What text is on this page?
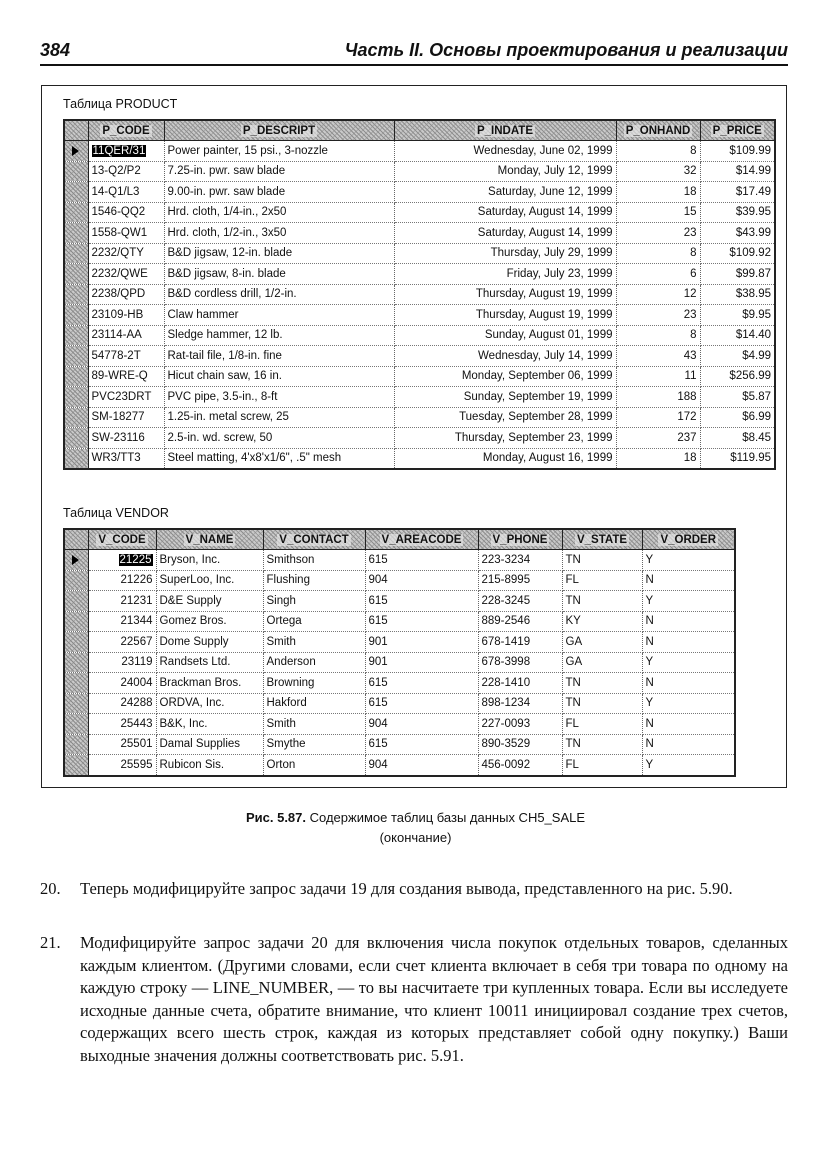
384	Часть II. Основы проектирования и реализации
Таблица PRODUCT
	P_CODE	P_DESCRIPT	P_INDATE	P_ONHAND	P_PRICE

	11QER/31	Power painter, 15 psi., 3-nozzle	Wednesday, June 02, 1999	8	$109.99
	13-Q2/P2	7.25-in. pwr. saw blade	Monday, July 12, 1999	32	$14.99
	14-Q1/L3	9.00-in. pwr. saw blade	Saturday, June 12, 1999	18	$17.49
	1546-QQ2	Hrd. cloth, 1/4-in., 2x50	Saturday, August 14, 1999	15	$39.95
	1558-QW1	Hrd. cloth, 1/2-in., 3x50	Saturday, August 14, 1999	23	$43.99
	2232/QTY	B&D jigsaw, 12-in. blade	Thursday, July 29, 1999	8	$109.92
	2232/QWE	B&D jigsaw, 8-in. blade	Friday, July 23, 1999	6	$99.87
	2238/QPD	B&D cordless drill, 1/2-in.	Thursday, August 19, 1999	12	$38.95
	23109-HB	Claw hammer	Thursday, August 19, 1999	23	$9.95
	23114-AA	Sledge hammer, 12 lb.	Sunday, August 01, 1999	8	$14.40
	54778-2T	Rat-tail file, 1/8-in. fine	Wednesday, July 14, 1999	43	$4.99
	89-WRE-Q	Hicut chain saw, 16 in.	Monday, September 06, 1999	11	$256.99
	PVC23DRT	PVC pipe, 3.5-in., 8-ft	Sunday, September 19, 1999	188	$5.87
	SM-18277	1.25-in. metal screw, 25	Tuesday, September 28, 1999	172	$6.99
	SW-23116	2.5-in. wd. screw, 50	Thursday, September 23, 1999	237	$8.45
	WR3/TT3	Steel matting, 4'x8'x1/6", .5" mesh	Monday, August 16, 1999	18	$119.95
Таблица VENDOR
	V_CODE	V_NAME	V_CONTACT	V_AREACODE	V_PHONE	V_STATE	V_ORDER

	21225	Bryson, Inc.	Smithson	615	223-3234	TN	Y
	21226	SuperLoo, Inc.	Flushing	904	215-8995	FL	N
	21231	D&E Supply	Singh	615	228-3245	TN	Y
	21344	Gomez Bros.	Ortega	615	889-2546	KY	N
	22567	Dome Supply	Smith	901	678-1419	GA	N
	23119	Randsets Ltd.	Anderson	901	678-3998	GA	Y
	24004	Brackman Bros.	Browning	615	228-1410	TN	N
	24288	ORDVA, Inc.	Hakford	615	898-1234	TN	Y
	25443	B&K, Inc.	Smith	904	227-0093	FL	N
	25501	Damal Supplies	Smythe	615	890-3529	TN	N
	25595	Rubicon Sis.	Orton	904	456-0092	FL	Y
Рис. 5.87. Содержимое таблиц базы данных CH5_SALE
(окончание)
20. Теперь модифицируйте запрос задачи 19 для создания вывода, представленного на рис. 5.90.
21. Модифицируйте запрос задачи 20 для включения числа покупок отдельных товаров, сделанных каждым клиентом. (Другими словами, если счет клиента включает в себя три товара по одному на каждую строку — LINE_NUMBER, — то вы насчитаете три купленных товара. Если вы исследуете исходные данные счета, обратите внимание, что клиент 10011 инициировал создание трех счетов, содержащих всего шесть строк, каждая из которых представляет собой одну покупку.) Ваши выходные значения должны соответствовать рис. 5.91.
